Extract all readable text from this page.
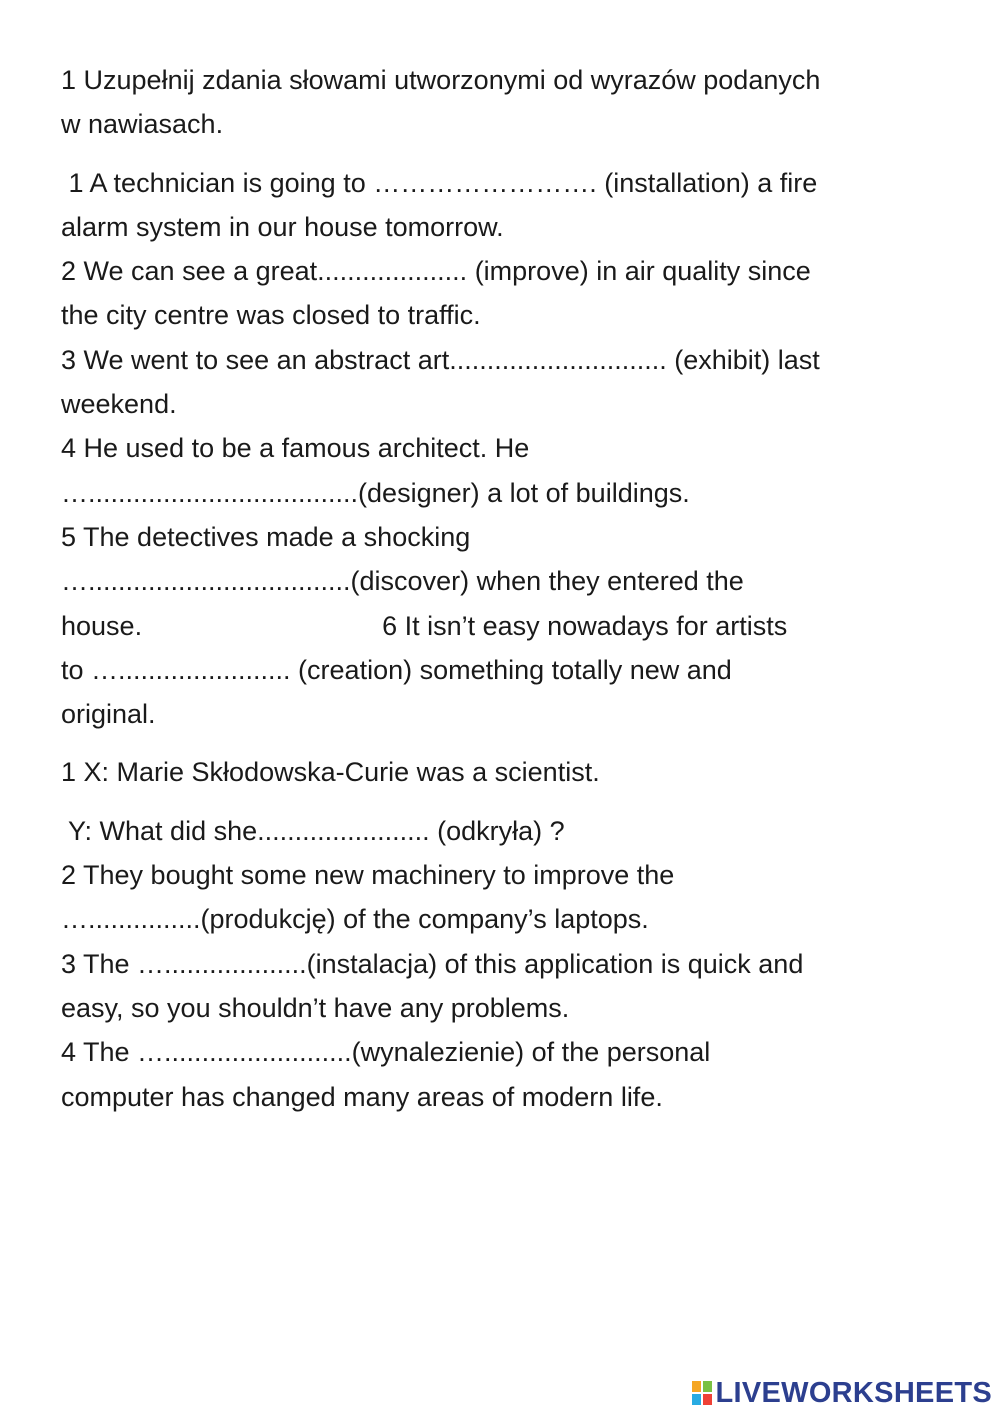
1 Uzupełnij zdania słowami utworzonymi od wyrazów podanych
w nawiasach.
1 A technician is going to ……………………. (installation) a fire
alarm system in our house tomorrow.
2 We can see a great.................... (improve) in air quality since
the city centre was closed to traffic.
3 We went to see an abstract art............................. (exhibit) last
weekend.
4 He used to be a famous architect. He
…....................................(designer) a lot of buildings.
5 The detectives made a shocking
…...................................(discover) when they entered the
house.                                6 It isn’t easy nowadays for artists
to …....................... (creation) something totally new and
original.
1 X: Marie Skłodowska-Curie was a scientist.
Y: What did she....................... (odkryła) ?
2 They bought some new machinery to improve the
…...............(produkcję) of the company’s laptops.
3 The …...................(instalacja) of this application is quick and
easy, so you shouldn’t have any problems.
4 The ….........................(wynalezienie) of the personal
computer has changed many areas of modern life.
LIVEWORKSHEETS
